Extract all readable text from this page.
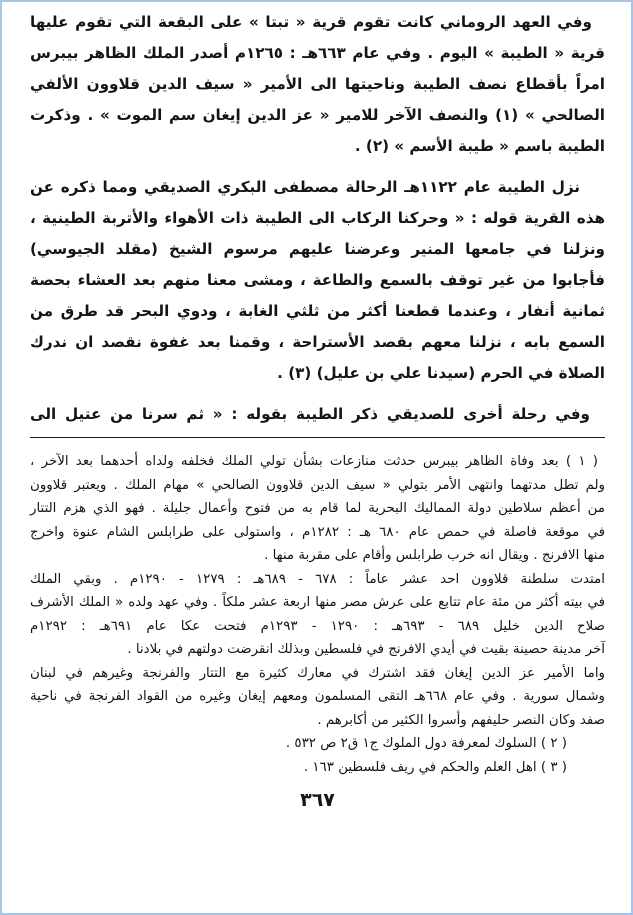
وفي العهد الروماني كانت تقوم قرية « تبتا » على البقعة التي تقوم عليها
قرية « الطيبة » اليوم . وفي عام ٦٦٣هـ : ١٢٦٥م أصدر الملك الظاهر بيبرس
امراً بأقطاع نصف الطيبة وناحيتها الى الأمير « سيف الدين قلاوون الألفي
الصالحي » (١) والنصف الآخر للامير « عز الدين إيغان سم الموت » . وذكرت
الطيبة باسم « طيبة الأسم » (٢) .
نزل الطيبة عام ١١٢٢هـ الرحالة مصطفى البكري الصديقي ومما ذكره عن
هذه القرية قوله : « وحركنا الركاب الى الطيبة ذات الأهواء والأتربة الطينية ،
ونزلنا في جامعها المنير وعرضنا عليهم مرسوم الشيخ (مقلد الجيوسي)
فأجابوا من غير توقف بالسمع والطاعة ، ومشى معنا منهم بعد العشاء بحصة
ثمانية أنفار ، وعندما قطعنا أكثر من ثلثي الغابة ، ودوي البحر قد طرق من
السمع بابه ، نزلنا معهم بقصد الأستراحة ، وقمنا بعد غفوة نقصد ان ندرك
الصلاة في الحرم (سيدنا علي بن عليل) (٣) .
وفي رحلة أخرى للصديقي ذكر الطيبة بقوله : « ثم سرنا من عتيل الى
( ١ ) بعد وفاة الظاهر بيبرس حدثت منازعات بشأن تولي الملك فخلفه ولداه أحدهما بعد الآخر ،
ولم تطل مدتهما وانتهى الأمر بتولي « سيف الدين قلاوون الصالحي » مهام الملك . ويعتبر قلاوون
من أعظم سلاطين دولة المماليك البحرية لما قام به من فتوح وأعمال جليلة . فهو الذي هزم التتار
في موقعة فاصلة في حمص عام ٦٨٠ هـ : ١٢٨٢م ، واستولى على طرابلس الشام عنوة واخرج
منها الافرنج . ويقال انه خرب طرابلس وأقام على مقربة منها .
امتدت سلطنة قلاوون احد عشر عاماً : ٦٧٨ - ٦٨٩هـ : ١٢٧٩ - ١٢٩٠م . وبقي الملك
في بيته أكثر من مئة عام تتابع على عرش مصر منها اربعة عشر ملكاً . وفي عهد ولده « الملك الأشرف
صلاح الدين خليل ٦٨٩ - ٦٩٣هـ : ١٢٩٠ - ١٢٩٣م فتحت عكا عام ٦٩١هـ : ١٢٩٢م
آخر مدينة حصينة بقيت في أيدي الافرنج في فلسطين وبذلك انقرضت دولتهم في بلادنا .
واما الأمير عز الدين إيغان فقد اشترك في معارك كثيرة مع التتار والفرنجة وغيرهم في لبنان
وشمال سورية . وفي عام ٦٦٨هـ التقى المسلمون ومعهم إيغان وغيره من القواد الفرنجة في ناحية
صفد وكان النصر حليفهم وأسروا الكثير من أكابرهم .
( ٢ ) السلوك لمعرفة دول الملوك ج١ ق٢ ص ٥٣٢ .
( ٣ ) اهل العلم والحكم في ريف فلسطين ١٦٣ .
٣٦٧
